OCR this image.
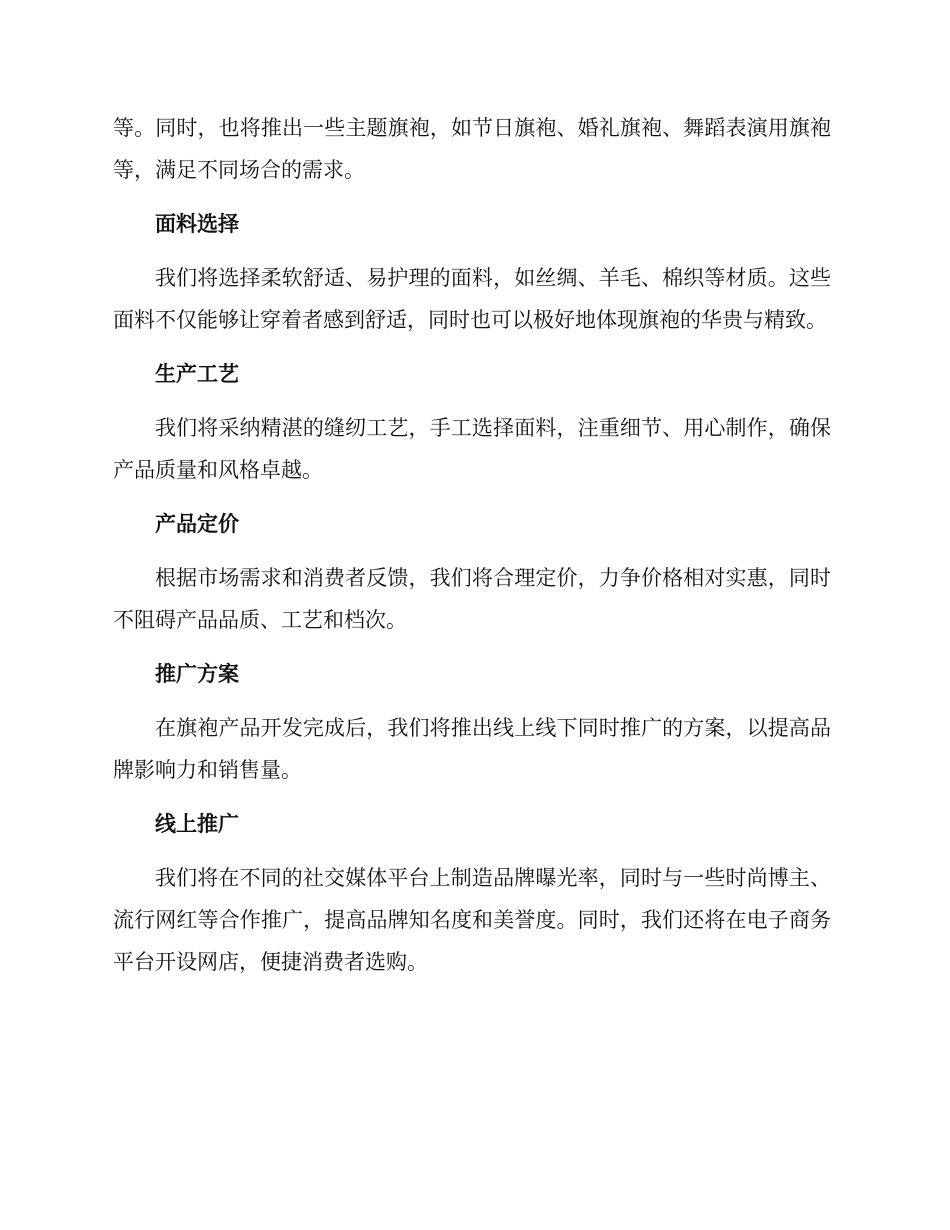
等。同时，也将推出一些主题旗袍，如节日旗袍、婚礼旗袍、舞蹈表演用旗袍等，满足不同场合的需求。

面料选择

我们将选择柔软舒适、易护理的面料，如丝绸、羊毛、棉织等材质。这些面料不仅能够让穿着者感到舒适，同时也可以极好地体现旗袍的华贵与精致。

生产工艺

我们将采纳精湛的缝纫工艺，手工选择面料，注重细节、用心制作，确保产品质量和风格卓越。

产品定价

根据市场需求和消费者反馈，我们将合理定价，力争价格相对实惠，同时不阻碍产品品质、工艺和档次。

推广方案

在旗袍产品开发完成后，我们将推出线上线下同时推广的方案，以提高品牌影响力和销售量。

线上推广

我们将在不同的社交媒体平台上制造品牌曝光率，同时与一些时尚博主、流行网红等合作推广，提高品牌知名度和美誉度。同时，我们还将在电子商务平台开设网店，便捷消费者选购。
